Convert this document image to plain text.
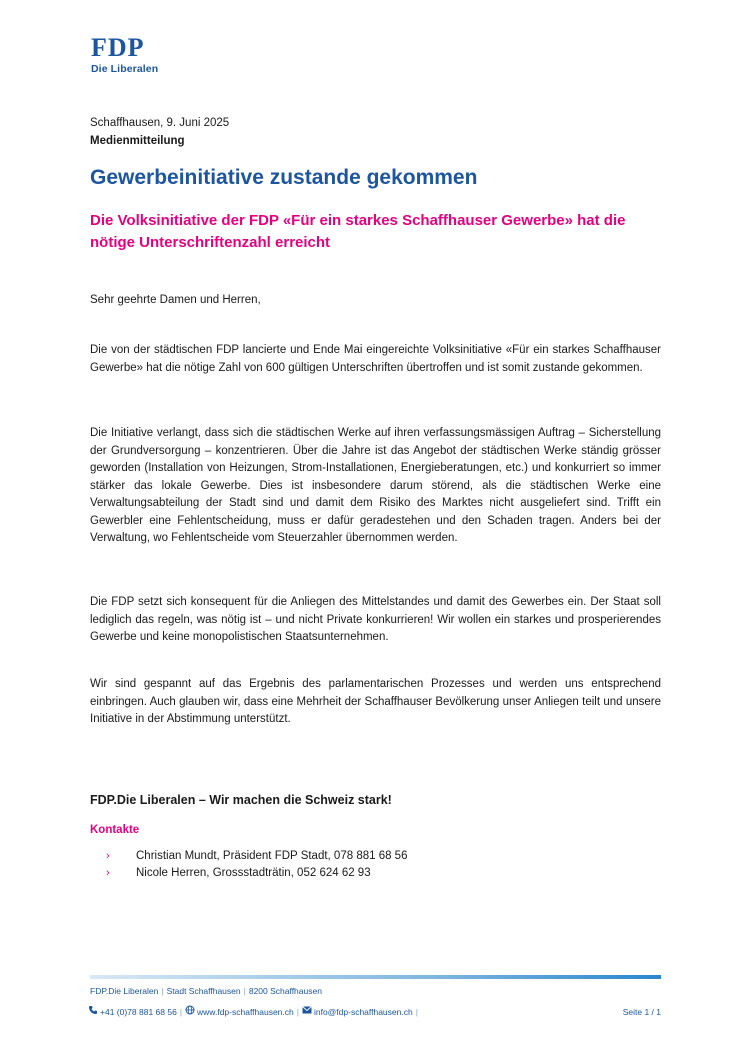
FDP
Die Liberalen
Schaffhausen, 9. Juni 2025
Medienmitteilung
Gewerbeinitiative zustande gekommen

Die Volksinitiative der FDP «Für ein starkes Schaffhauser Gewerbe» hat die nötige Unterschriftenzahl erreicht

Sehr geehrte Damen und Herren,

Die von der städtischen FDP lancierte und Ende Mai eingereichte Volksinitiative «Für ein starkes Schaffhauser Gewerbe» hat die nötige Zahl von 600 gültigen Unterschriften übertroffen und ist somit zustande gekommen.

Die Initiative verlangt, dass sich die städtischen Werke auf ihren verfassungsmässigen Auftrag – Sicherstellung der Grundversorgung – konzentrieren. Über die Jahre ist das Angebot der städtischen Werke ständig grösser geworden (Installation von Heizungen, Strom-Installationen, Energieberatungen, etc.) und konkurriert so immer stärker das lokale Gewerbe. Dies ist insbesondere darum störend, als die städtischen Werke eine Verwaltungsabteilung der Stadt sind und damit dem Risiko des Marktes nicht ausgeliefert sind. Trifft ein Gewerbler eine Fehlentscheidung, muss er dafür geradestehen und den Schaden tragen. Anders bei der Verwaltung, wo Fehlentscheide vom Steuerzahler übernommen werden.

Die FDP setzt sich konsequent für die Anliegen des Mittelstandes und damit des Gewerbes ein. Der Staat soll lediglich das regeln, was nötig ist – und nicht Private konkurrieren! Wir wollen ein starkes und prosperierendes Gewerbe und keine monopolistischen Staatsunternehmen.

Wir sind gespannt auf das Ergebnis des parlamentarischen Prozesses und werden uns entsprechend einbringen. Auch glauben wir, dass eine Mehrheit der Schaffhauser Bevölkerung unser Anliegen teilt und unsere Initiative in der Abstimmung unterstützt.

FDP.Die Liberalen – Wir machen die Schweiz stark!
Kontakte
›	Christian Mundt, Präsident FDP Stadt, 078 881 68 56
›	Nicole Herren, Grossstadträtin, 052 624 62 93
FDP.Die Liberalen | Stadt Schaffhausen | 8200 Schaffhausen
+41 (0)78 881 68 56 | www.fdp-schaffhausen.ch | info@fdp-schaffhausen.ch |	Seite 1 / 1
